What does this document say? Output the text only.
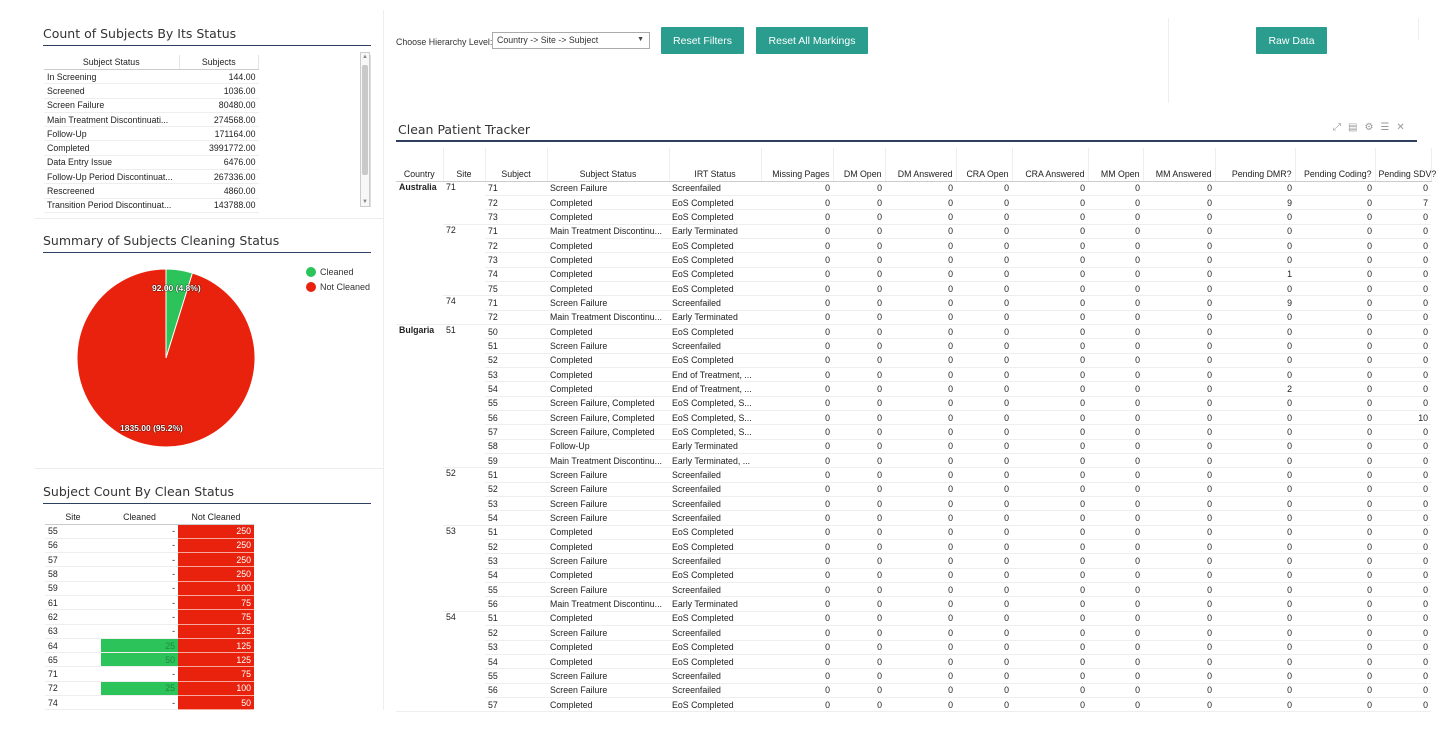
Count of Subjects By Its Status
Subject Status	Subjects
In Screening	144.00
Screened	1036.00
Screen Failure	80480.00
Main Treatment Discontinuati...	274568.00
Follow-Up	171164.00
Completed	3991772.00
Data Entry Issue	6476.00
Follow-Up Period Discontinuat...	267336.00
Rescreened	4860.00
Transition Period Discontinuat...	143788.00
▲
▼
Summary of Subjects Cleaning Status
92.00 (4.8%)
1835.00 (95.2%)
Cleaned
Not Cleaned
Subject Count By Clean Status
Site	Cleaned	Not Cleaned
55	-	250
56	-	250
57	-	250
58	-	250
59	-	100
61	-	75
62	-	75
63	-	125
64	25	125
65	50	125
71	-	75
72	25	100
74	-	50
Choose Hierarchy Level: Country -> Site -> Subject	▼	Reset Filters	Reset All Markings	Raw Data
Clean Patient Tracker	⤢ ▤ ⚙ ☰ ✕
Country	Site	Subject	Subject Status	IRT Status	Missing Pages	DM Open	DM Answered	CRA Open	CRA Answered	MM Open	MM Answered	Pending DMR?	Pending Coding?	Pending SDV?
Australia	71	71	Screen Failure	Screenfailed	0	0	0	0	0	0	0	0	0	0
		72	Completed	EoS Completed	0	0	0	0	0	0	0	9	0	7
		73	Completed	EoS Completed	0	0	0	0	0	0	0	0	0	0
	72	71	Main Treatment Discontinu...	Early Terminated	0	0	0	0	0	0	0	0	0	0
		72	Completed	EoS Completed	0	0	0	0	0	0	0	0	0	0
		73	Completed	EoS Completed	0	0	0	0	0	0	0	0	0	0
		74	Completed	EoS Completed	0	0	0	0	0	0	0	1	0	0
		75	Completed	EoS Completed	0	0	0	0	0	0	0	0	0	0
	74	71	Screen Failure	Screenfailed	0	0	0	0	0	0	0	9	0	0
		72	Main Treatment Discontinu...	Early Terminated	0	0	0	0	0	0	0	0	0	0
Bulgaria	51	50	Completed	EoS Completed	0	0	0	0	0	0	0	0	0	0
		51	Screen Failure	Screenfailed	0	0	0	0	0	0	0	0	0	0
		52	Completed	EoS Completed	0	0	0	0	0	0	0	0	0	0
		53	Completed	End of Treatment, ...	0	0	0	0	0	0	0	0	0	0
		54	Completed	End of Treatment, ...	0	0	0	0	0	0	0	2	0	0
		55	Screen Failure, Completed	EoS Completed, S...	0	0	0	0	0	0	0	0	0	0
		56	Screen Failure, Completed	EoS Completed, S...	0	0	0	0	0	0	0	0	0	10
		57	Screen Failure, Completed	EoS Completed, S...	0	0	0	0	0	0	0	0	0	0
		58	Follow-Up	Early Terminated	0	0	0	0	0	0	0	0	0	0
		59	Main Treatment Discontinu...	Early Terminated, ...	0	0	0	0	0	0	0	0	0	0
	52	51	Screen Failure	Screenfailed	0	0	0	0	0	0	0	0	0	0
		52	Screen Failure	Screenfailed	0	0	0	0	0	0	0	0	0	0
		53	Screen Failure	Screenfailed	0	0	0	0	0	0	0	0	0	0
		54	Screen Failure	Screenfailed	0	0	0	0	0	0	0	0	0	0
	53	51	Completed	EoS Completed	0	0	0	0	0	0	0	0	0	0
		52	Completed	EoS Completed	0	0	0	0	0	0	0	0	0	0
		53	Screen Failure	Screenfailed	0	0	0	0	0	0	0	0	0	0
		54	Completed	EoS Completed	0	0	0	0	0	0	0	0	0	0
		55	Screen Failure	Screenfailed	0	0	0	0	0	0	0	0	0	0
		56	Main Treatment Discontinu...	Early Terminated	0	0	0	0	0	0	0	0	0	0
	54	51	Completed	EoS Completed	0	0	0	0	0	0	0	0	0	0
		52	Screen Failure	Screenfailed	0	0	0	0	0	0	0	0	0	0
		53	Completed	EoS Completed	0	0	0	0	0	0	0	0	0	0
		54	Completed	EoS Completed	0	0	0	0	0	0	0	0	0	0
		55	Screen Failure	Screenfailed	0	0	0	0	0	0	0	0	0	0
		56	Screen Failure	Screenfailed	0	0	0	0	0	0	0	0	0	0
		57	Completed	EoS Completed	0	0	0	0	0	0	0	0	0	0
